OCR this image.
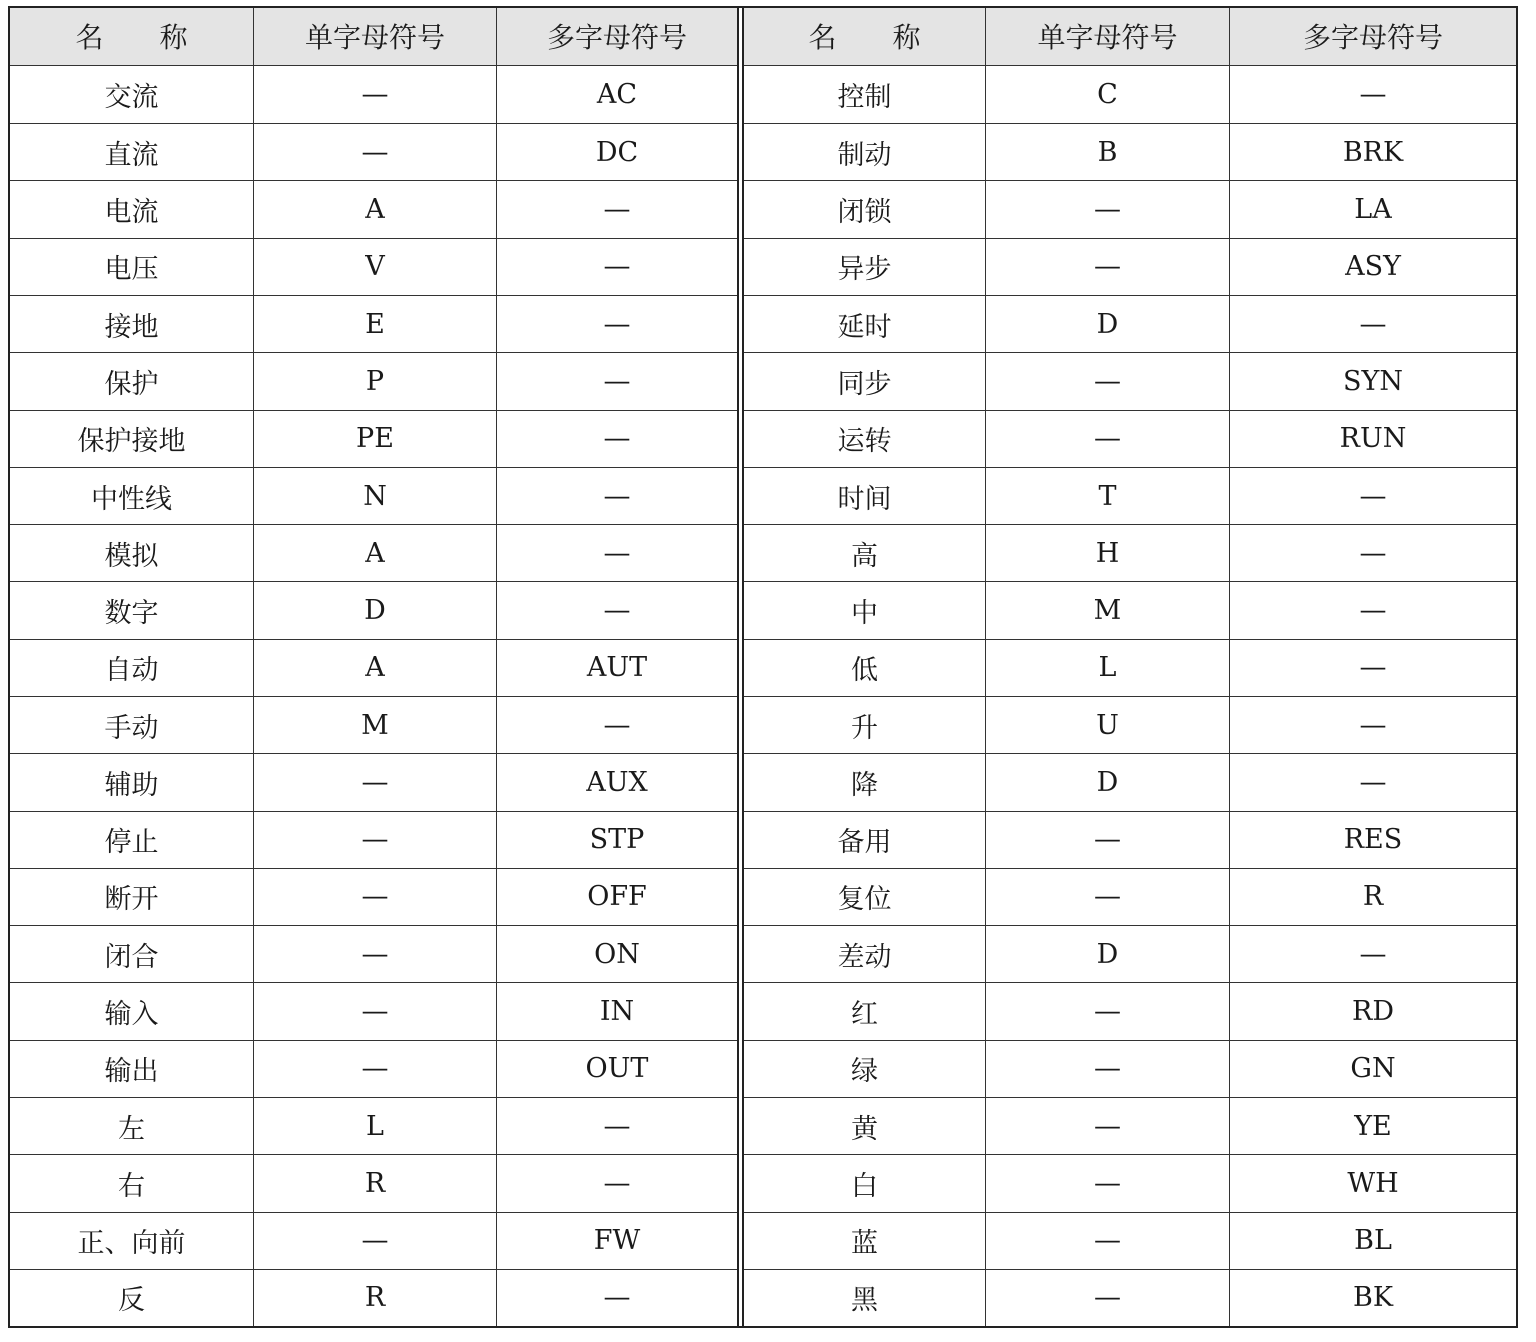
名　　称	单字母符号	多字母符号
交流	—	AC
直流	—	DC
电流	A	—
电压	V	—
接地	E	—
保护	P	—
保护接地	PE	—
中性线	N	—
模拟	A	—
数字	D	—
自动	A	AUT
手动	M	—
辅助	—	AUX
停止	—	STP
断开	—	OFF
闭合	—	ON
输入	—	IN
输出	—	OUT
左	L	—
右	R	—
正、向前	—	FW
反	R	—
名　　称	单字母符号	多字母符号
控制	C	—
制动	B	BRK
闭锁	—	LA
异步	—	ASY
延时	D	—
同步	—	SYN
运转	—	RUN
时间	T	—
高	H	—
中	M	—
低	L	—
升	U	—
降	D	—
备用	—	RES
复位	—	R
差动	D	—
红	—	RD
绿	—	GN
黄	—	YE
白	—	WH
蓝	—	BL
黑	—	BK
